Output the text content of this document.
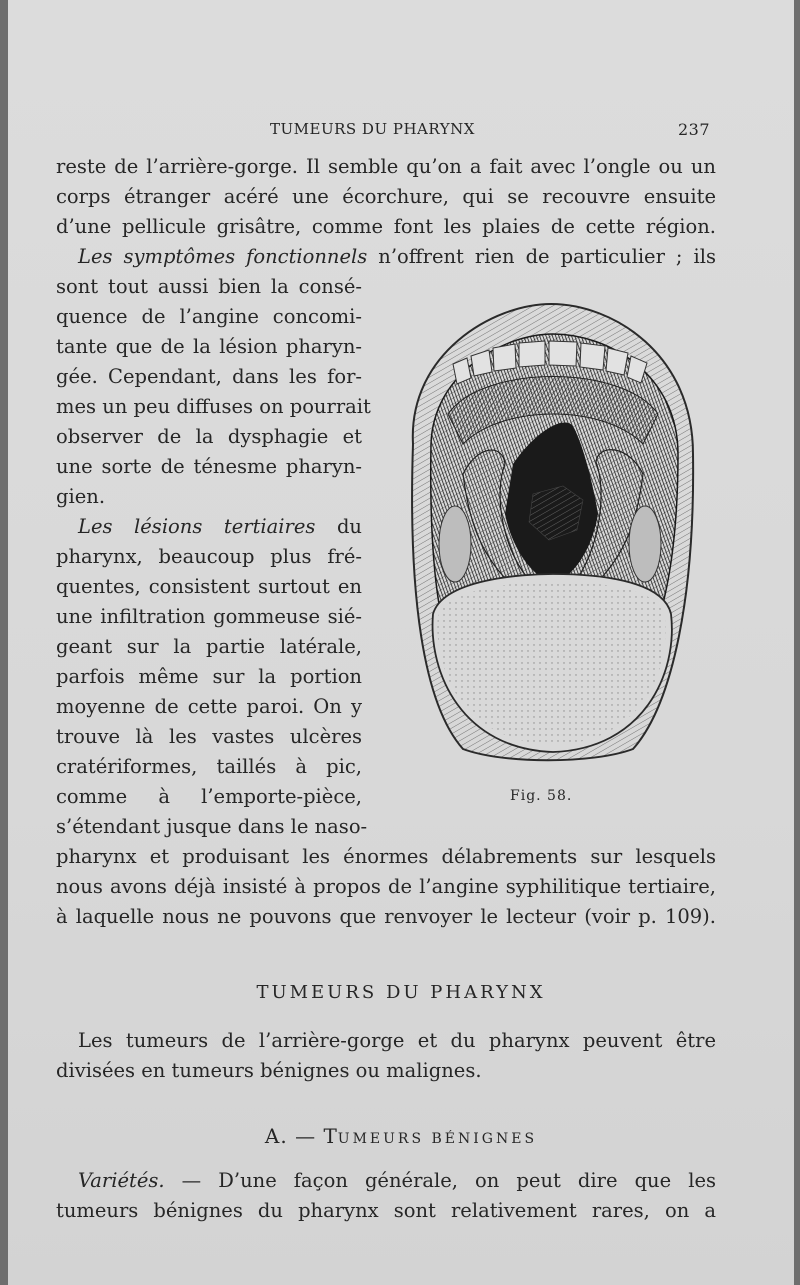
TUMEURS DU PHARYNX	237
reste de l’arrière-gorge. Il semble qu’on a fait avec l’ongle ou un
corps étranger acéré une écorchure, qui se recouvre ensuite
d’une pellicule grisâtre, comme font les plaies de cette région.
Les symptômes fonctionnels n’offrent rien de particulier ; ils
sont tout aussi bien la consé-
quence de l’angine concomi-
tante que de la lésion pharyn-
gée. Cependant, dans les for-
mes un peu diffuses on pourrait
observer de la dysphagie et
une sorte de ténesme pharyn-
gien.
Les lésions tertiaires du
pharynx, beaucoup plus fré-
quentes, consistent surtout en
une infiltration gommeuse sié-
geant sur la partie latérale,
parfois même sur la portion
moyenne de cette paroi. On y
trouve là les vastes ulcères
cratériformes, taillés à pic,
comme à l’emporte-pièce,
s’étendant jusque dans le naso-
pharynx et produisant les énormes délabrements sur lesquels
nous avons déjà insisté à propos de l’angine syphilitique tertiaire,
à laquelle nous ne pouvons que renvoyer le lecteur (voir p. 109).
Fig. 58.
TUMEURS DU PHARYNX
Les tumeurs de l’arrière-gorge et du pharynx peuvent être
divisées en tumeurs bénignes ou malignes.
A. — TUMEURS BÉNIGNES
Variétés. — D’une façon générale, on peut dire que les
tumeurs bénignes du pharynx sont relativement rares, on a
